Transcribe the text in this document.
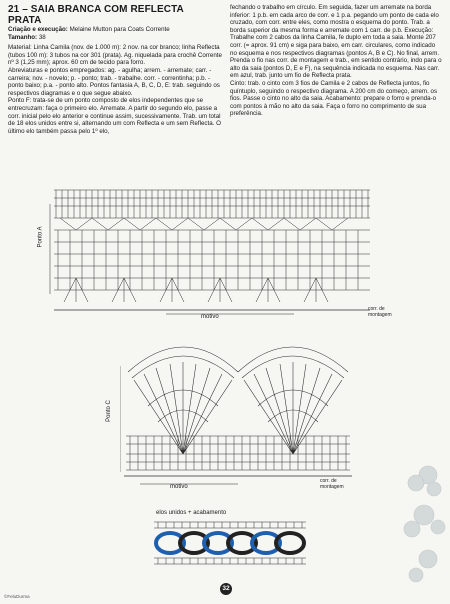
21 – SAIA BRANCA COM REFLECTA PRATA

Criação e execução: Melaine Mutton para Coats Corrente

Tamanho: 38

Material: Linha Camila (nov. de 1.000 m): 2 nov. na cor branco; linha Reflecta (tubos 100 m): 3 tubos na cor 301 (prata). Ag. niquelada para crochê Corrente nº 3 (1,25 mm); aprox. 60 cm de tecido para forro.

Abreviaturas e pontos empregados: ag. - agulha; arrem. - arremate; carr. - carreira; nov. - novelo; p. - ponto; trab. - trabalhe. corr. - correntinha; p.b. - ponto baixo; p.a. - ponto alto. Pontos fantasia A, B, C, D, E: trab. seguindo os respectivos diagramas e o que segue abaixo.

Ponto F: trata-se de um ponto composto de elos independentes que se entrecruzam: faça o primeiro elo. Arremate. A partir do segundo elo, passe a corr. inicial pelo elo anterior e continue assim, sucessivamente. Trab. um total de 18 elos unidos entre si, alternando um com Reflecta e um sem Reflecta. O último elo também passa pelo 1º elo,

fechando o trabalho em círculo. Em seguida, fazer um arremate na borda inferior: 1 p.b. em cada arco de corr. e 1 p.a. pegando um ponto de cada elo cruzado, com corr. entre eles, como mostra o esquema do ponto. Trab. a borda superior da mesma forma e arremate com 1 carr. de p.b. Execução: Trabalhe com 2 cabos da linha Camila, fe duplo em toda a saia. Monte 207 corr. (= aprox. 91 cm) e siga para baixo, em carr. circulares, como indicado no esquema e nos respectivos diagramas (pontos A, B e C). No final, arrem. Prenda o fio nas corr. de montagem e trab., em sentido contrário, indo para o alto da saia (pontos D, E e F), na sequência indicada no esquema. Nas carr. em azul, trab. junto um fio de Reflecta prata.

Cinto: trab. o cinto com 3 fios de Camila e 2 cabos de Reflecta juntos, fio quíntuplo, seguindo o respectivo diagrama. A 200 cm do começo, arrem. os fios. Passe o cinto no alto da saia. Acabamento: prepare o forro e prenda-o com pontos à mão no alto da saia. Faça o forro no comprimento de sua preferência.

Ponto A
motivo
corr. de montagem
Ponto C
motivo
corr. de montagem
elos unidos + acabamento
32
©FeluDurma
